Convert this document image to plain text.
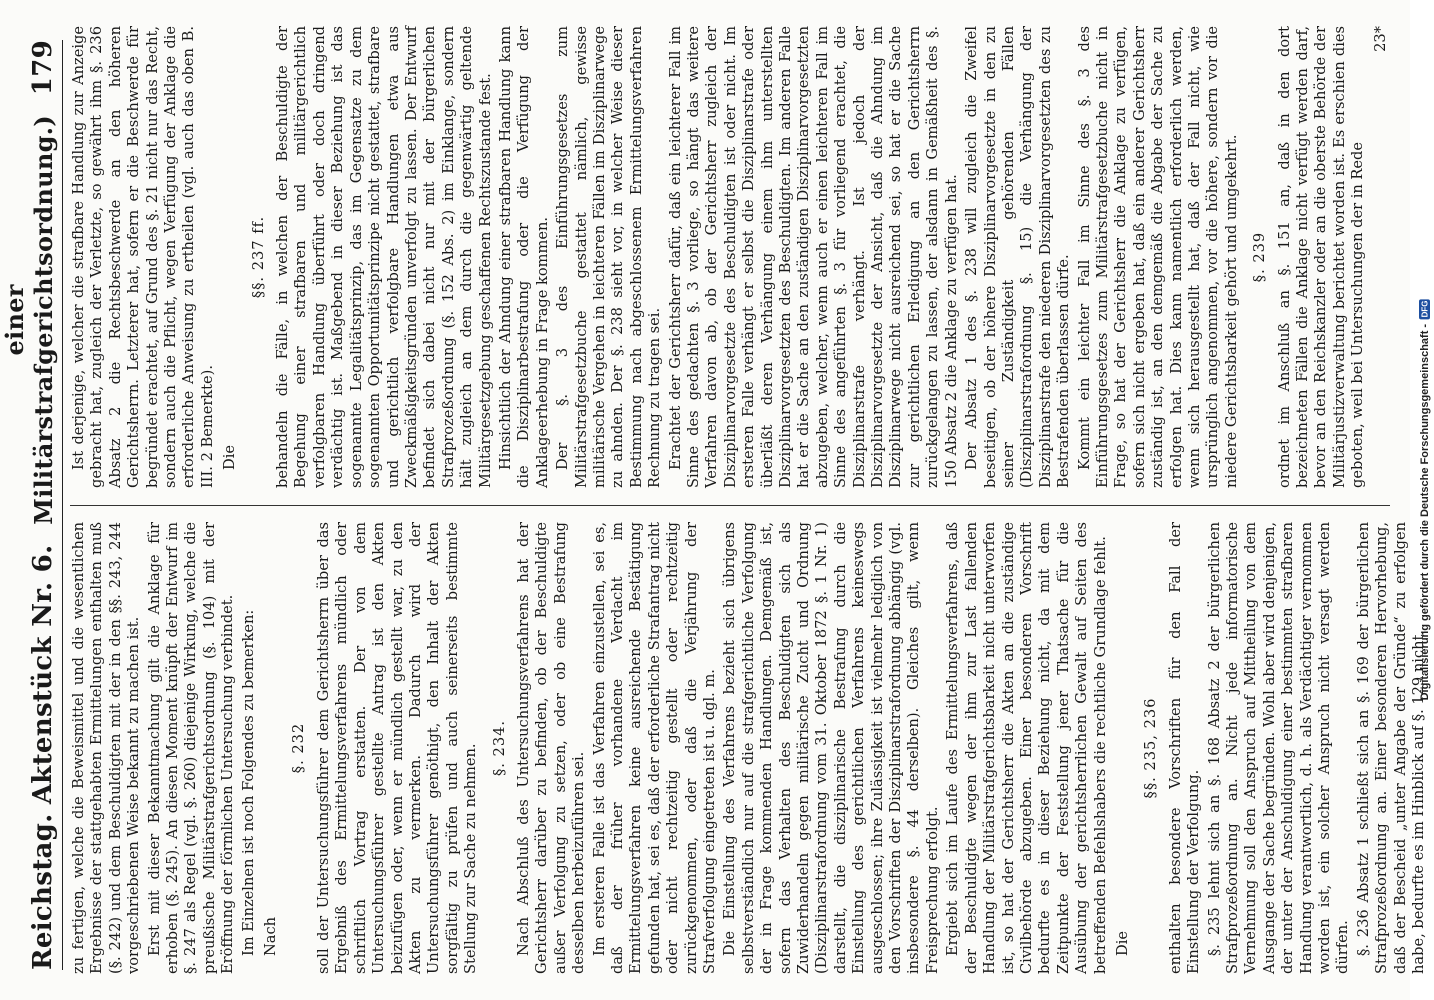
Reichstag. Aktenstück Nr. 6.
einer Militärstrafgerichtsordnung.)
179

zu fertigen, welche die Beweismittel und die wesentlichen Ergebnisse der stattgehabten Ermittelungen enthalten muß (§. 242) und dem Beschuldigten mit der in den §§. 243, 244 vorgeschriebenen Weise bekannt zu machen ist. Erst mit dieser Bekanntmachung gilt die Anklage für erhoben (§. 245). An diesen Moment knüpft der Entwurf im §. 247 als Regel (vgl. §. 260) diejenige Wirkung, welche die preußische Militärstrafgerichtsordnung (§. 104) mit der Eröffnung der förmlichen Untersuchung verbindet. Im Einzelnen ist noch Folgendes zu bemerken: Nach

§. 232 soll der Untersuchungsführer dem Gerichtsherrn über das Ergebniß des Ermittelungsverfahrens mündlich oder schriftlich Vortrag erstatten. Der von dem Untersuchungsführer gestellte Antrag ist den Akten beizufügen oder, wenn er mündlich gestellt war, zu den Akten zu vermerken. Dadurch wird der Untersuchungsführer genöthigt, den Inhalt der Akten sorgfältig zu prüfen und auch seinerseits bestimmte Stellung zur Sache zu nehmen. §. 234. Nach Abschluß des Untersuchungsverfahrens hat der Gerichtsherr darüber zu befinden, ob der Beschuldigte außer Verfolgung zu setzen, oder ob eine Bestrafung desselben herbeizuführen sei. Im ersteren Falle ist das Verfahren einzustellen, sei es, daß der früher vorhandene Verdacht im Ermittelungsverfahren keine ausreichende Bestätigung gefunden hat, sei es, daß der erforderliche Strafantrag nicht oder nicht rechtzeitig gestellt oder rechtzeitig zurückgenommen, oder daß die Verjährung der Strafverfolgung eingetreten ist u. dgl. m. Die Einstellung des Verfahrens bezieht sich übrigens selbstverständlich nur auf die strafgerichtliche Verfolgung der in Frage kommenden Handlungen. Demgemäß ist, sofern das Verhalten des Beschuldigten sich als Zuwiderhandeln gegen militärische Zucht und Ordnung (Disziplinarstrafordnung vom 31. Oktober 1872 §. 1 Nr. 1) darstellt, die disziplinarische Bestrafung durch die Einstellung des gerichtlichen Verfahrens keineswegs ausgeschlossen; ihre Zulässigkeit ist vielmehr lediglich von den Vorschriften der Disziplinarstrafordnung abhängig (vgl. insbesondere §. 44 derselben). Gleiches gilt, wenn Freisprechung erfolgt. Ergiebt sich im Laufe des Ermittelungsverfahrens, daß der Beschuldigte wegen der ihm zur Last fallenden Handlung der Militärstrafgerichtsbarkeit nicht unterworfen ist, so hat der Gerichtsherr die Akten an die zuständige Civilbehörde abzugeben. Einer besonderen Vorschrift bedurfte es in dieser Beziehung nicht, da mit dem Zeitpunkte der Feststellung jener Thatsache für die Ausübung der gerichtsherrlichen Gewalt auf Seiten des betreffenden Befehlshabers die rechtliche Grundlage fehlt. Die

§§. 235, 236 enthalten besondere Vorschriften für den Fall der Einstellung der Verfolgung. §. 235 lehnt sich an §. 168 Absatz 2 der bürgerlichen Strafprozeßordnung an. Nicht jede informatorische Vernehmung soll den Anspruch auf Mittheilung von dem Ausgange der Sache begründen. Wohl aber wird denjenigen, der unter der Anschuldigung einer bestimmten strafbaren Handlung verantwortlich, d. h. als Verdächtiger vernommen worden ist, ein solcher Anspruch nicht versagt werden dürfen. §. 236 Absatz 1 schließt sich an §. 169 der bürgerlichen Strafprozeßordnung an. Einer besonderen Hervorhebung, daß der Bescheid „unter Angabe der Gründe“ zu erfolgen habe, bedurfte es im Hinblick auf §. 129 nicht.

Ist derjenige, welcher die strafbare Handlung zur Anzeige gebracht hat, zugleich der Verletzte, so gewährt ihm §. 236 Absatz 2 die Rechtsbeschwerde an den höheren Gerichtsherrn. Letzterer hat, sofern er die Beschwerde für begründet erachtet, auf Grund des §. 21 nicht nur das Recht, sondern auch die Pflicht, wegen Verfügung der Anklage die erforderliche Anweisung zu ertheilen (vgl. auch das oben B. III. 2 Bemerkte). Die

§§. 237 ff. behandeln die Fälle, in welchen der Beschuldigte der Begehung einer strafbaren und militärgerichtlich verfolgbaren Handlung überführt oder doch dringend verdächtig ist. Maßgebend in dieser Beziehung ist das sogenannte Legalitätsprinzip, das im Gegensatze zu dem sogenannten Opportunitätsprinzipe nicht gestattet, strafbare und gerichtlich verfolgbare Handlungen etwa aus Zweckmäßigkeitsgründen unverfolgt zu lassen. Der Entwurf befindet sich dabei nicht nur mit der bürgerlichen Strafprozeßordnung (§. 152 Abs. 2) im Einklange, sondern hält zugleich an dem durch die gegenwärtig geltende Militärgesetzgebung geschaffenen Rechtszustande fest. Hinsichtlich der Ahndung einer strafbaren Handlung kann die Disziplinarbestrafung oder die Verfügung der Anklageerhebung in Frage kommen. Der §. 3 des Einführungsgesetzes zum Militärstrafgesetzbuche gestattet nämlich, gewisse militärische Vergehen in leichteren Fällen im Disziplinarwege zu ahnden. Der §. 238 sieht vor, in welcher Weise dieser Bestimmung nach abgeschlossenem Ermittelungsverfahren Rechnung zu tragen sei. Erachtet der Gerichtsherr dafür, daß ein leichterer Fall im Sinne des gedachten §. 3 vorliege, so hängt das weitere Verfahren davon ab, ob der Gerichtsherr zugleich der Disziplinarvorgesetzte des Beschuldigten ist oder nicht. Im ersteren Falle verhängt er selbst die Disziplinarstrafe oder überläßt deren Verhängung einem ihm unterstellten Disziplinarvorgesetzten des Beschuldigten. Im anderen Falle hat er die Sache an den zuständigen Disziplinarvorgesetzten abzugeben, welcher, wenn auch er einen leichteren Fall im Sinne des angeführten §. 3 für vorliegend erachtet, die Disziplinarstrafe verhängt. Ist jedoch der Disziplinarvorgesetzte der Ansicht, daß die Ahndung im Disziplinarwege nicht ausreichend sei, so hat er die Sache zur gerichtlichen Erledigung an den Gerichtsherrn zurückgelangen zu lassen, der alsdann in Gemäßheit des §. 150 Absatz 2 die Anklage zu verfügen hat. Der Absatz 1 des §. 238 will zugleich die Zweifel beseitigen, ob der höhere Disziplinarvorgesetzte in den zu seiner Zuständigkeit gehörenden Fällen (Disziplinarstrafordnung §. 15) die Verhängung der Disziplinarstrafe den niederen Disziplinarvorgesetzten des zu Bestrafenden überlassen dürfe. Kommt ein leichter Fall im Sinne des §. 3 des Einführungsgesetzes zum Militärstrafgesetzbuche nicht in Frage, so hat der Gerichtsherr die Anklage zu verfügen, sofern sich nicht ergeben hat, daß ein anderer Gerichtsherr zuständig ist, an den demgemäß die Abgabe der Sache zu erfolgen hat. Dies kann namentlich erforderlich werden, wenn sich herausgestellt hat, daß der Fall nicht, wie ursprünglich angenommen, vor die höhere, sondern vor die niedere Gerichtsbarkeit gehört und umgekehrt. §. 239 ordnet im Anschluß an §. 151 an, daß in den dort bezeichneten Fällen die Anklage nicht verfügt werden darf, bevor an den Reichskanzler oder an die oberste Behörde der Militärjustizverwaltung berichtet worden ist. Es erschien dies geboten, weil bei Untersuchungen der in Rede

23*

Digitalisierung gefördert durch die Deutsche Forschungsgemeinschaft -
DFG
